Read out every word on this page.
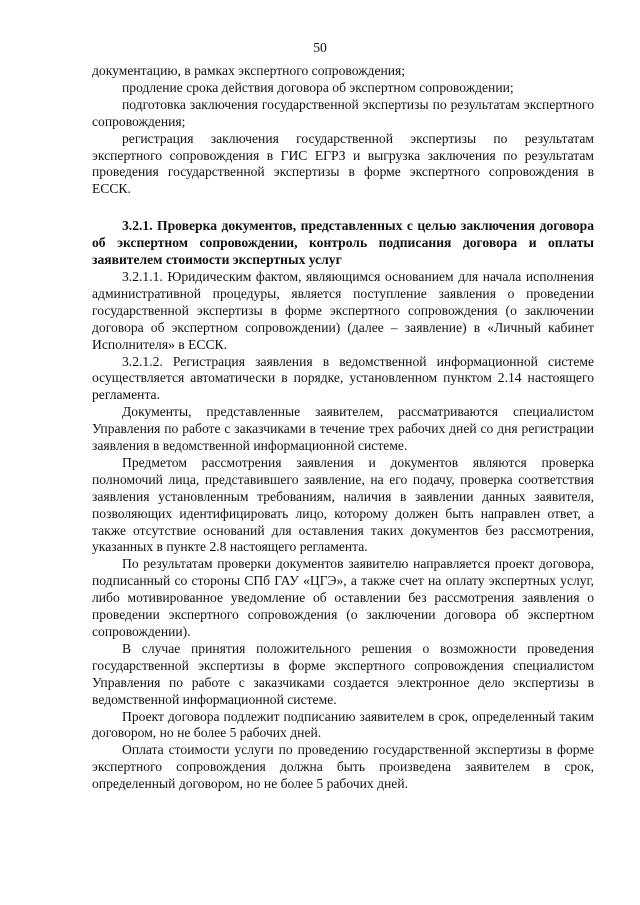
50

документацию, в рамках экспертного сопровождения;

продление срока действия договора об экспертном сопровождении;

подготовка заключения государственной экспертизы по результатам экспертного сопровождения;

регистрация заключения государственной экспертизы по результатам экспертного сопровождения в ГИС ЕГРЗ и выгрузка заключения по результатам проведения государственной экспертизы в форме экспертного сопровождения в ЕССК.

3.2.1. Проверка документов, представленных с целью заключения договора об экспертном сопровождении, контроль подписания договора и оплаты заявителем стоимости экспертных услуг

3.2.1.1. Юридическим фактом, являющимся основанием для начала исполнения административной процедуры, является поступление заявления о проведении государственной экспертизы в форме экспертного сопровождения (о заключении договора об экспертном сопровождении) (далее – заявление) в «Личный кабинет Исполнителя» в ЕССК.

3.2.1.2. Регистрация заявления в ведомственной информационной системе осуществляется автоматически в порядке, установленном пунктом 2.14 настоящего регламента.

Документы, представленные заявителем, рассматриваются специалистом Управления по работе с заказчиками в течение трех рабочих дней со дня регистрации заявления в ведомственной информационной системе.

Предметом рассмотрения заявления и документов являются проверка полномочий лица, представившего заявление, на его подачу, проверка соответствия заявления установленным требованиям, наличия в заявлении данных заявителя, позволяющих идентифицировать лицо, которому должен быть направлен ответ, а также отсутствие оснований для оставления таких документов без рассмотрения, указанных в пункте 2.8 настоящего регламента.

По результатам проверки документов заявителю направляется проект договора, подписанный со стороны СПб ГАУ «ЦГЭ», а также счет на оплату экспертных услуг, либо мотивированное уведомление об оставлении без рассмотрения заявления о проведении экспертного сопровождения (о заключении договора об экспертном сопровождении).

В случае принятия положительного решения о возможности проведения государственной экспертизы в форме экспертного сопровождения специалистом Управления по работе с заказчиками создается электронное дело экспертизы в ведомственной информационной системе.

Проект договора подлежит подписанию заявителем в срок, определенный таким договором, но не более 5 рабочих дней.

Оплата стоимости услуги по проведению государственной экспертизы в форме экспертного сопровождения должна быть произведена заявителем в срок, определенный договором, но не более 5 рабочих дней.
